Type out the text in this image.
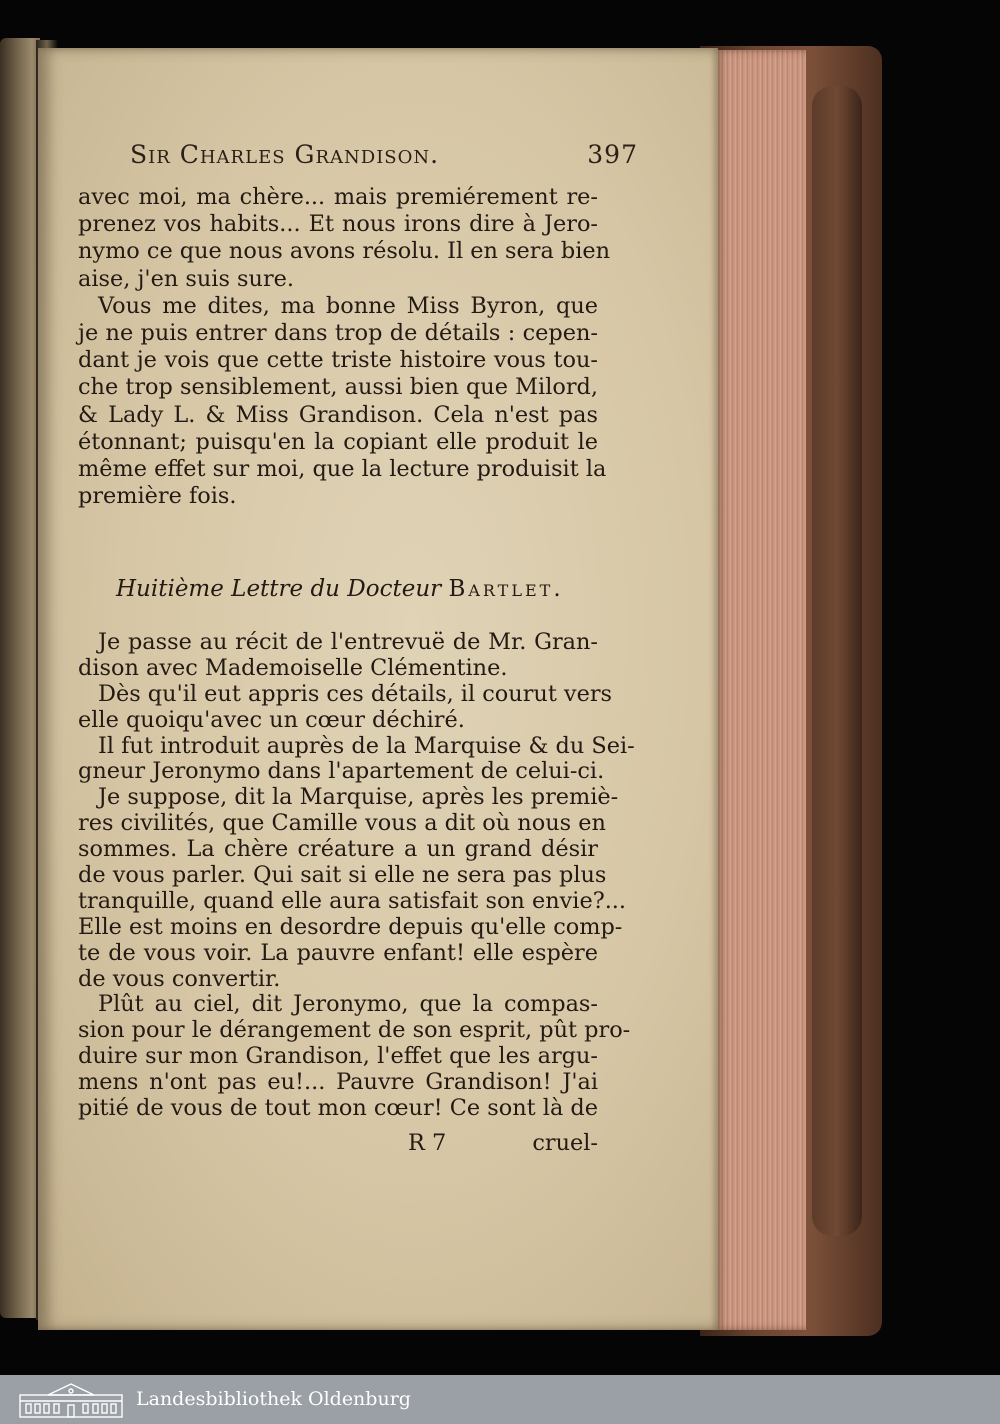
Sir Charles Grandison.	397
avec moi, ma chère... mais premiérement re-
prenez vos habits... Et nous irons dire à Jero-
nymo ce que nous avons résolu. Il en sera bien
aise, j'en suis sure.
Vous me dites, ma bonne Miss Byron, que
je ne puis entrer dans trop de détails : cepen-
dant je vois que cette triste histoire vous tou-
che trop sensiblement, aussi bien que Milord,
& Lady L. & Miss Grandison. Cela n'est pas
étonnant; puisqu'en la copiant elle produit le
même effet sur moi, que la lecture produisit la
première fois.
Huitième Lettre du Docteur Bartlet.
Je passe au récit de l'entrevuë de Mr. Gran-
dison avec Mademoiselle Clémentine.
Dès qu'il eut appris ces détails, il courut vers
elle quoiqu'avec un cœur déchiré.
Il fut introduit auprès de la Marquise & du Sei-
gneur Jeronymo dans l'apartement de celui-ci.
Je suppose, dit la Marquise, après les premiè-
res civilités, que Camille vous a dit où nous en
sommes. La chère créature a un grand désir
de vous parler. Qui sait si elle ne sera pas plus
tranquille, quand elle aura satisfait son envie?...
Elle est moins en desordre depuis qu'elle comp-
te de vous voir. La pauvre enfant! elle espère
de vous convertir.
Plût au ciel, dit Jeronymo, que la compas-
sion pour le dérangement de son esprit, pût pro-
duire sur mon Grandison, l'effet que les argu-
mens n'ont pas eu!... Pauvre Grandison! J'ai
pitié de vous de tout mon cœur! Ce sont là de
R 7	cruel-
Landesbibliothek Oldenburg
